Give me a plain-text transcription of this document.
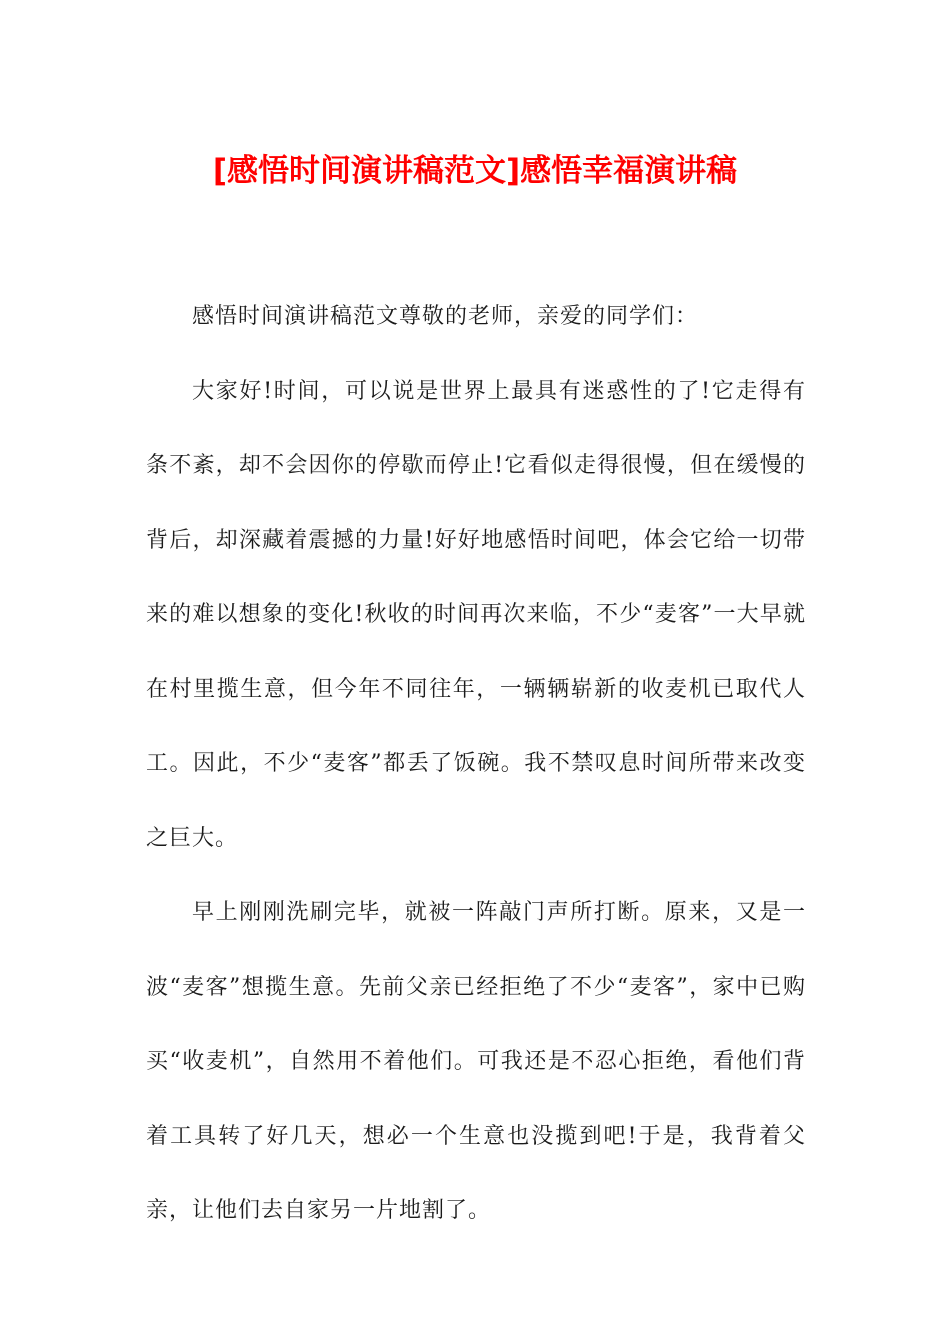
[感悟时间演讲稿范文]感悟幸福演讲稿

感悟时间演讲稿范文尊敬的老师，亲爱的同学们：

大家好!时间，可以说是世界上最具有迷惑性的了!它走得有条不紊，却不会因你的停歇而停止!它看似走得很慢，但在缓慢的背后，却深藏着震撼的力量!好好地感悟时间吧，体会它给一切带来的难以想象的变化!秋收的时间再次来临，不少“麦客”一大早就在村里揽生意，但今年不同往年，一辆辆崭新的收麦机已取代人工。因此，不少“麦客”都丢了饭碗。我不禁叹息时间所带来改变之巨大。

早上刚刚洗刷完毕，就被一阵敲门声所打断。原来，又是一波“麦客”想揽生意。先前父亲已经拒绝了不少“麦客”，家中已购买“收麦机”，自然用不着他们。可我还是不忍心拒绝，看他们背着工具转了好几天，想必一个生意也没揽到吧!于是，我背着父亲，让他们去自家另一片地割了。
